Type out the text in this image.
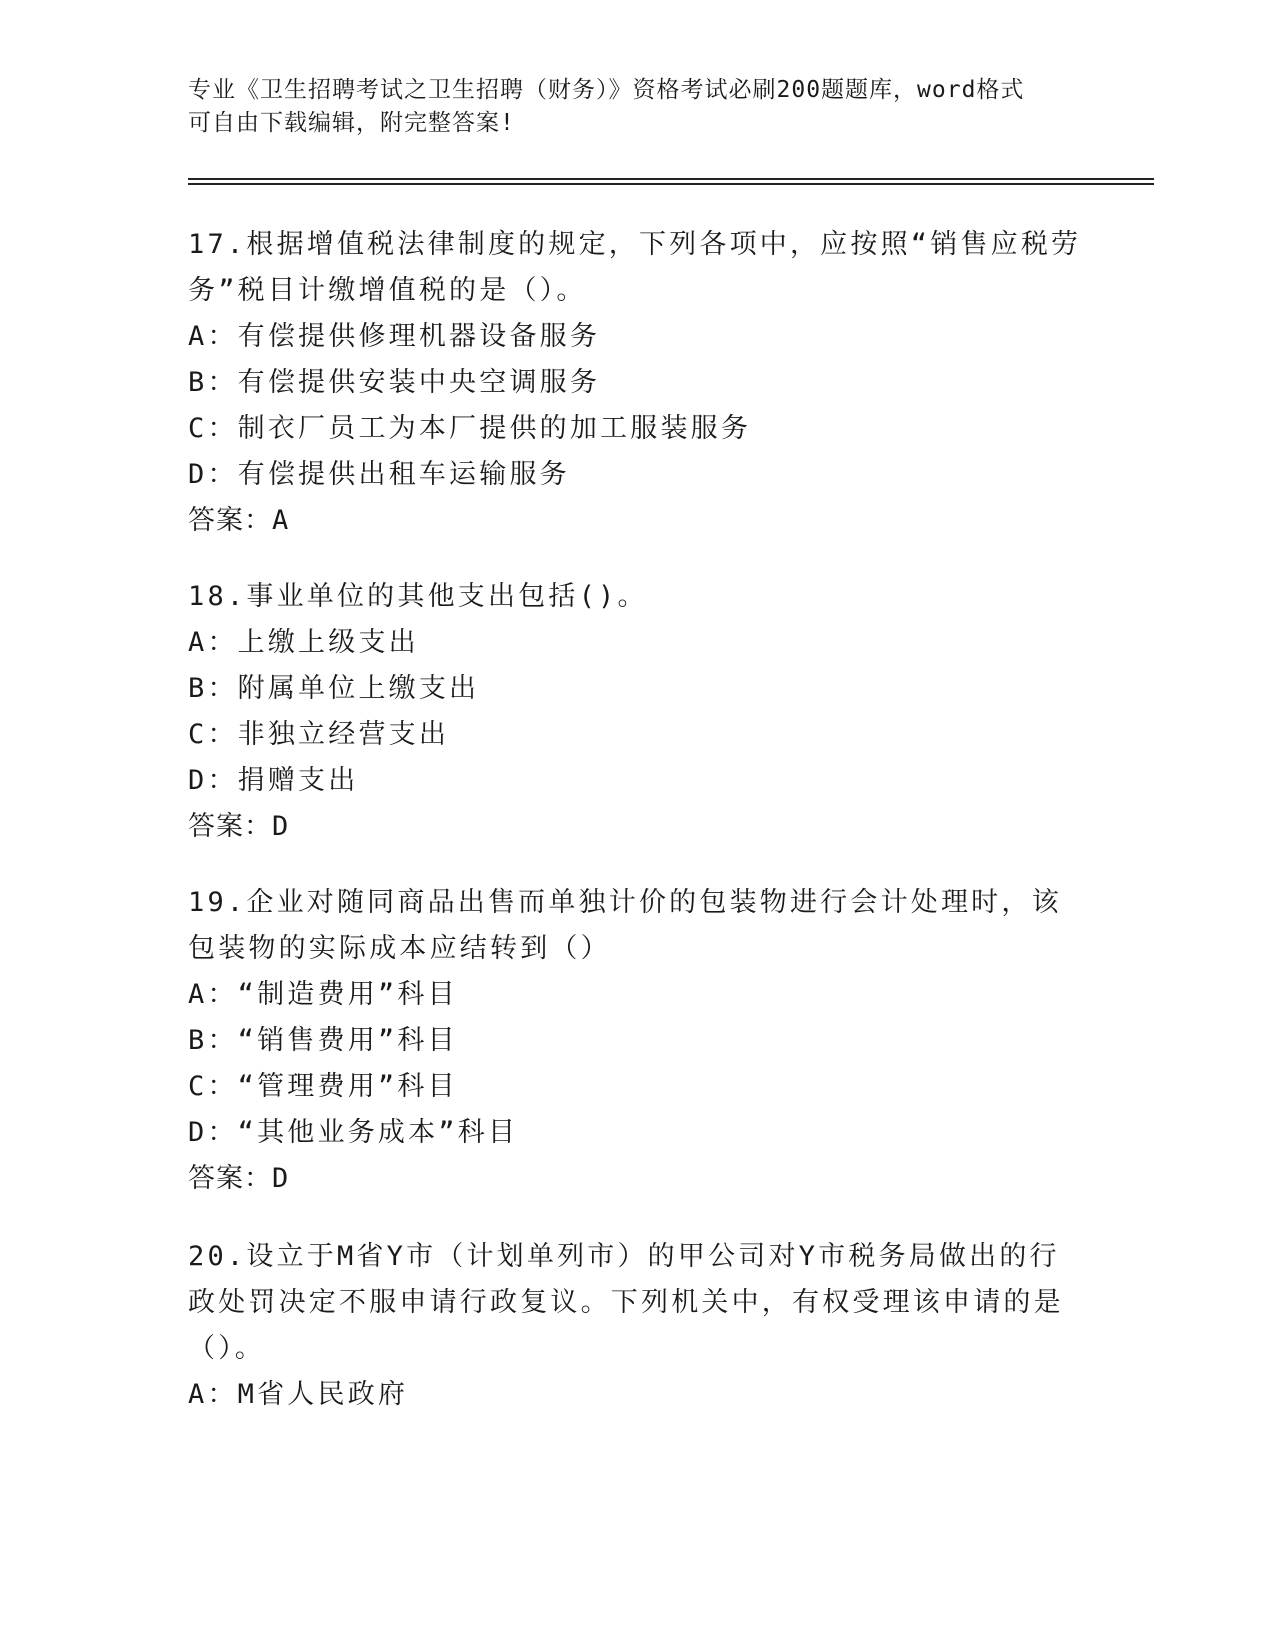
专业《卫生招聘考试之卫生招聘（财务）》资格考试必刷200题题库，word格式
可自由下载编辑，附完整答案!
17.根据增值税法律制度的规定，下列各项中，应按照“销售应税劳务”税目计缴增值税的是（）。
A：有偿提供修理机器设备服务
B：有偿提供安装中央空调服务
C：制衣厂员工为本厂提供的加工服装服务
D：有偿提供出租车运输服务
答案：A
18.事业单位的其他支出包括()。
A：上缴上级支出
B：附属单位上缴支出
C：非独立经营支出
D：捐赠支出
答案：D
19.企业对随同商品出售而单独计价的包装物进行会计处理时，该包装物的实际成本应结转到（）
A：“制造费用”科目
B：“销售费用”科目
C：“管理费用”科目
D：“其他业务成本”科目
答案：D
20.设立于M省Y市（计划单列市）的甲公司对Y市税务局做出的行政处罚决定不服申请行政复议。下列机关中，有权受理该申请的是（）。
A：M省人民政府
